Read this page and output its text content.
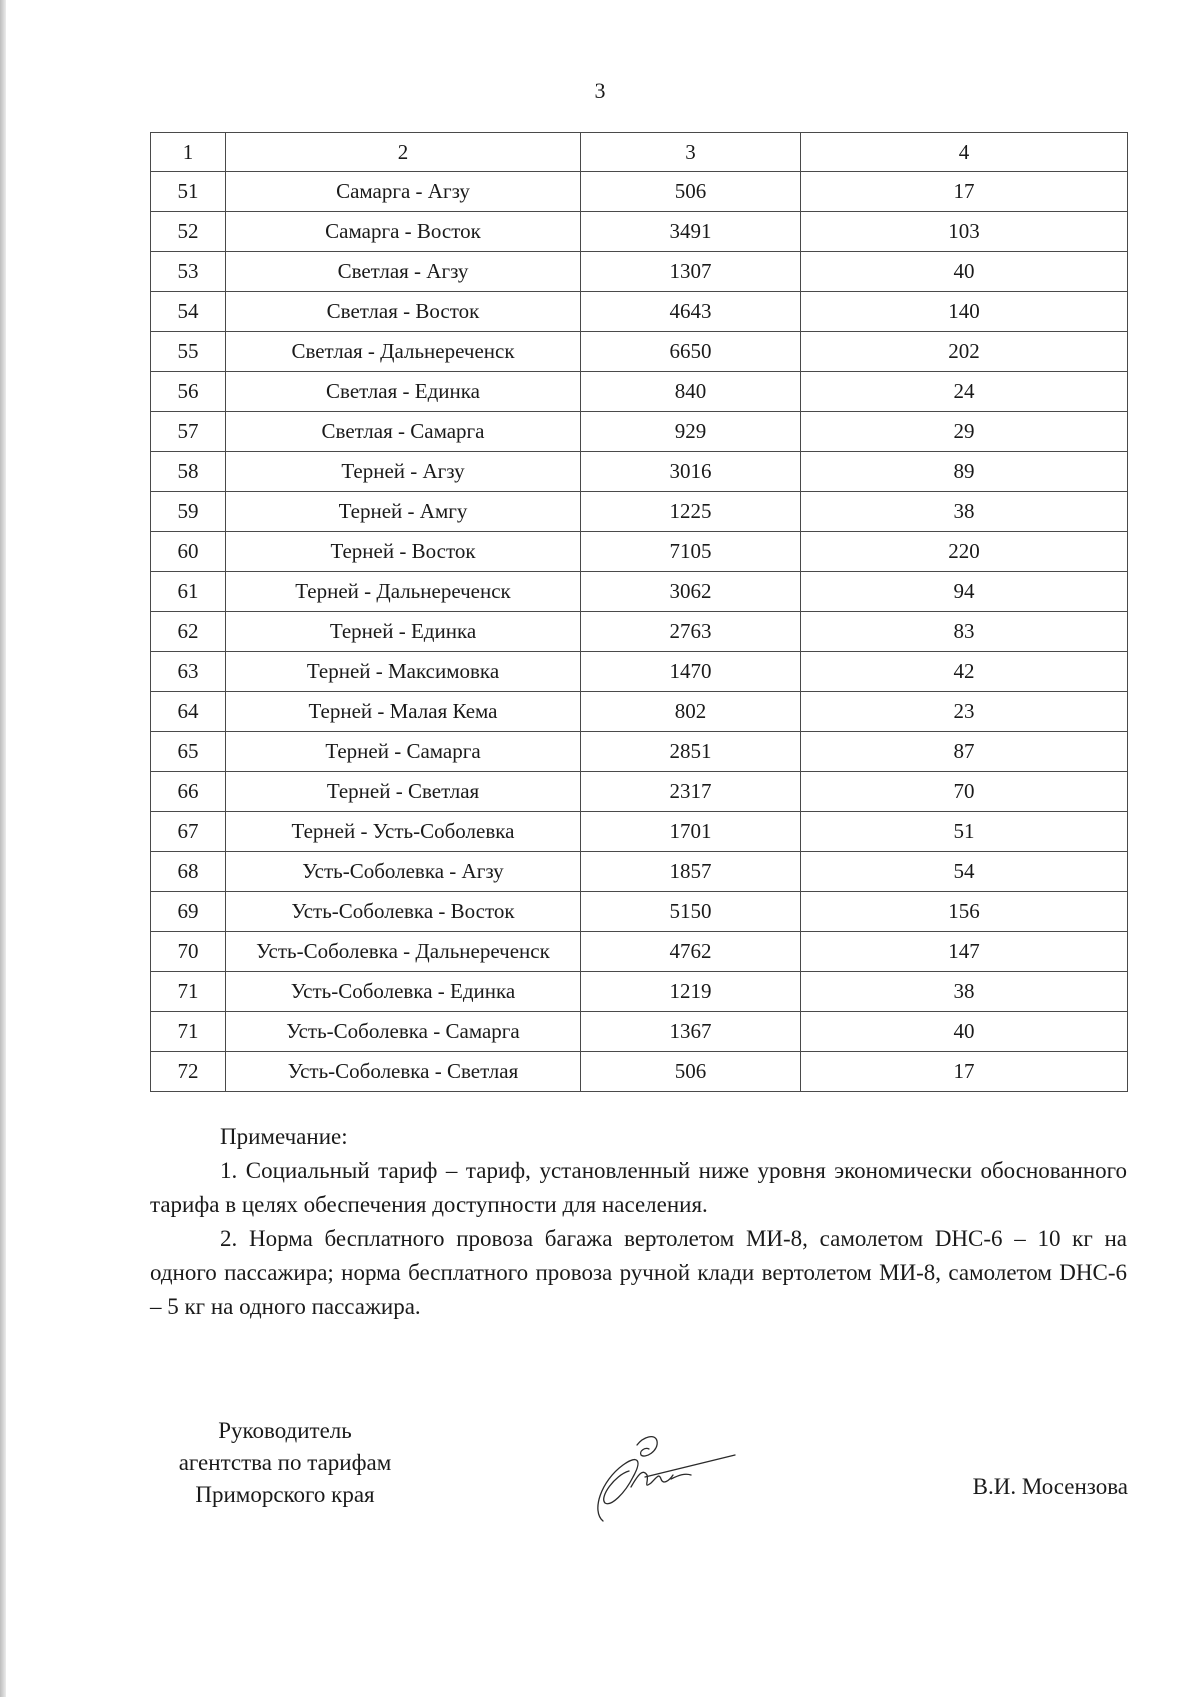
3
1	2	3	4
51	Самарга - Агзу	506	17
52	Самарга - Восток	3491	103
53	Светлая - Агзу	1307	40
54	Светлая - Восток	4643	140
55	Светлая - Дальнереченск	6650	202
56	Светлая - Единка	840	24
57	Светлая - Самарга	929	29
58	Терней - Агзу	3016	89
59	Терней - Амгу	1225	38
60	Терней - Восток	7105	220
61	Терней - Дальнереченск	3062	94
62	Терней - Единка	2763	83
63	Терней - Максимовка	1470	42
64	Терней - Малая Кема	802	23
65	Терней - Самарга	2851	87
66	Терней - Светлая	2317	70
67	Терней - Усть-Соболевка	1701	51
68	Усть-Соболевка - Агзу	1857	54
69	Усть-Соболевка - Восток	5150	156
70	Усть-Соболевка - Дальнереченск	4762	147
71	Усть-Соболевка - Единка	1219	38
71	Усть-Соболевка - Самарга	1367	40
72	Усть-Соболевка - Светлая	506	17

Примечание:

1. Социальный тариф – тариф, установленный ниже уровня экономически обоснованного тарифа в целях обеспечения доступности для населения.

2. Норма бесплатного провоза багажа вертолетом МИ-8, самолетом DHC-6 – 10 кг на одного пассажира; норма бесплатного провоза ручной клади вертолетом МИ-8, самолетом DHC-6 – 5 кг на одного пассажира.

Руководитель
агентства по тарифам
Приморского края	В.И. Мосензова
